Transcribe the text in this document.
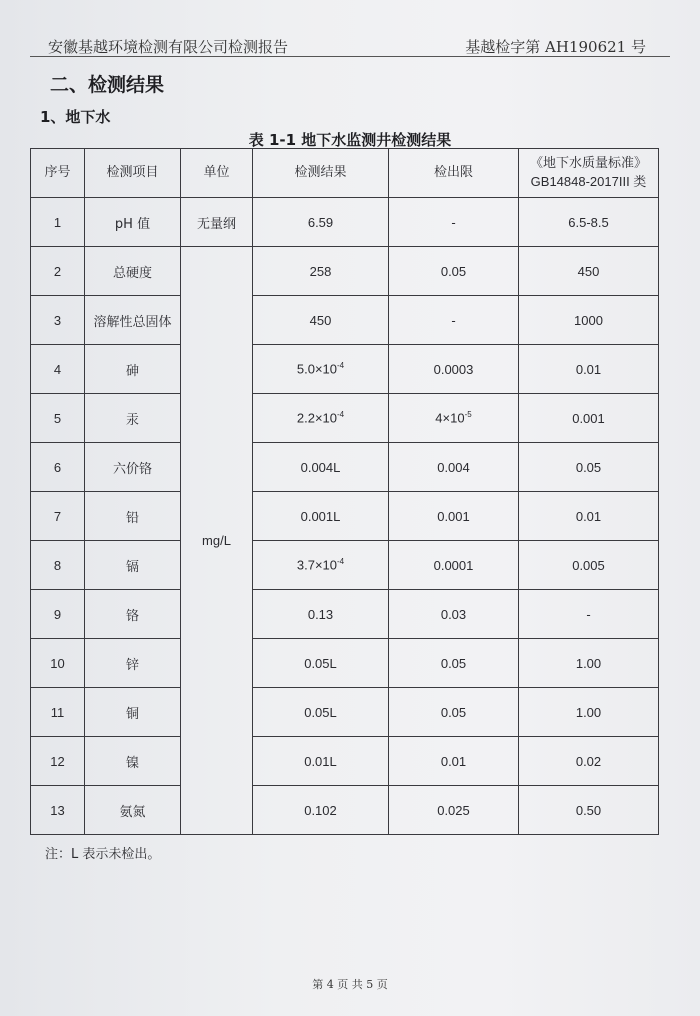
安徽基越环境检测有限公司检测报告	基越检字第 AH190621 号
二、检测结果
1、地下水
表 1-1 地下水监测井检测结果
序号	检测项目	单位	检测结果	检出限	《地下水质量标准》
GB14848-2017III 类

1	pH 值	无量纲	6.59	-	6.5-8.5
2	总硬度	mg/L	258	0.05	450
3	溶解性总固体		450	-	1000
4	砷		$5.0\times 10^{-4}$	0.0003	0.01
5	汞		$2.2\times 10^{-4}$	$4\times 10^{-5}$	0.001
6	六价铬		0.004L	0.004	0.05
7	铅		0.001L	0.001	0.01
8	镉		$3.7\times 10^{-4}$	0.0001	0.005
9	铬		0.13	0.03	-
10	锌		0.05L	0.05	1.00
11	铜		0.05L	0.05	1.00
12	镍		0.01L	0.01	0.02
13	氨氮		0.102	0.025	0.50
注：L 表示未检出。
第 4 页 共 5 页
